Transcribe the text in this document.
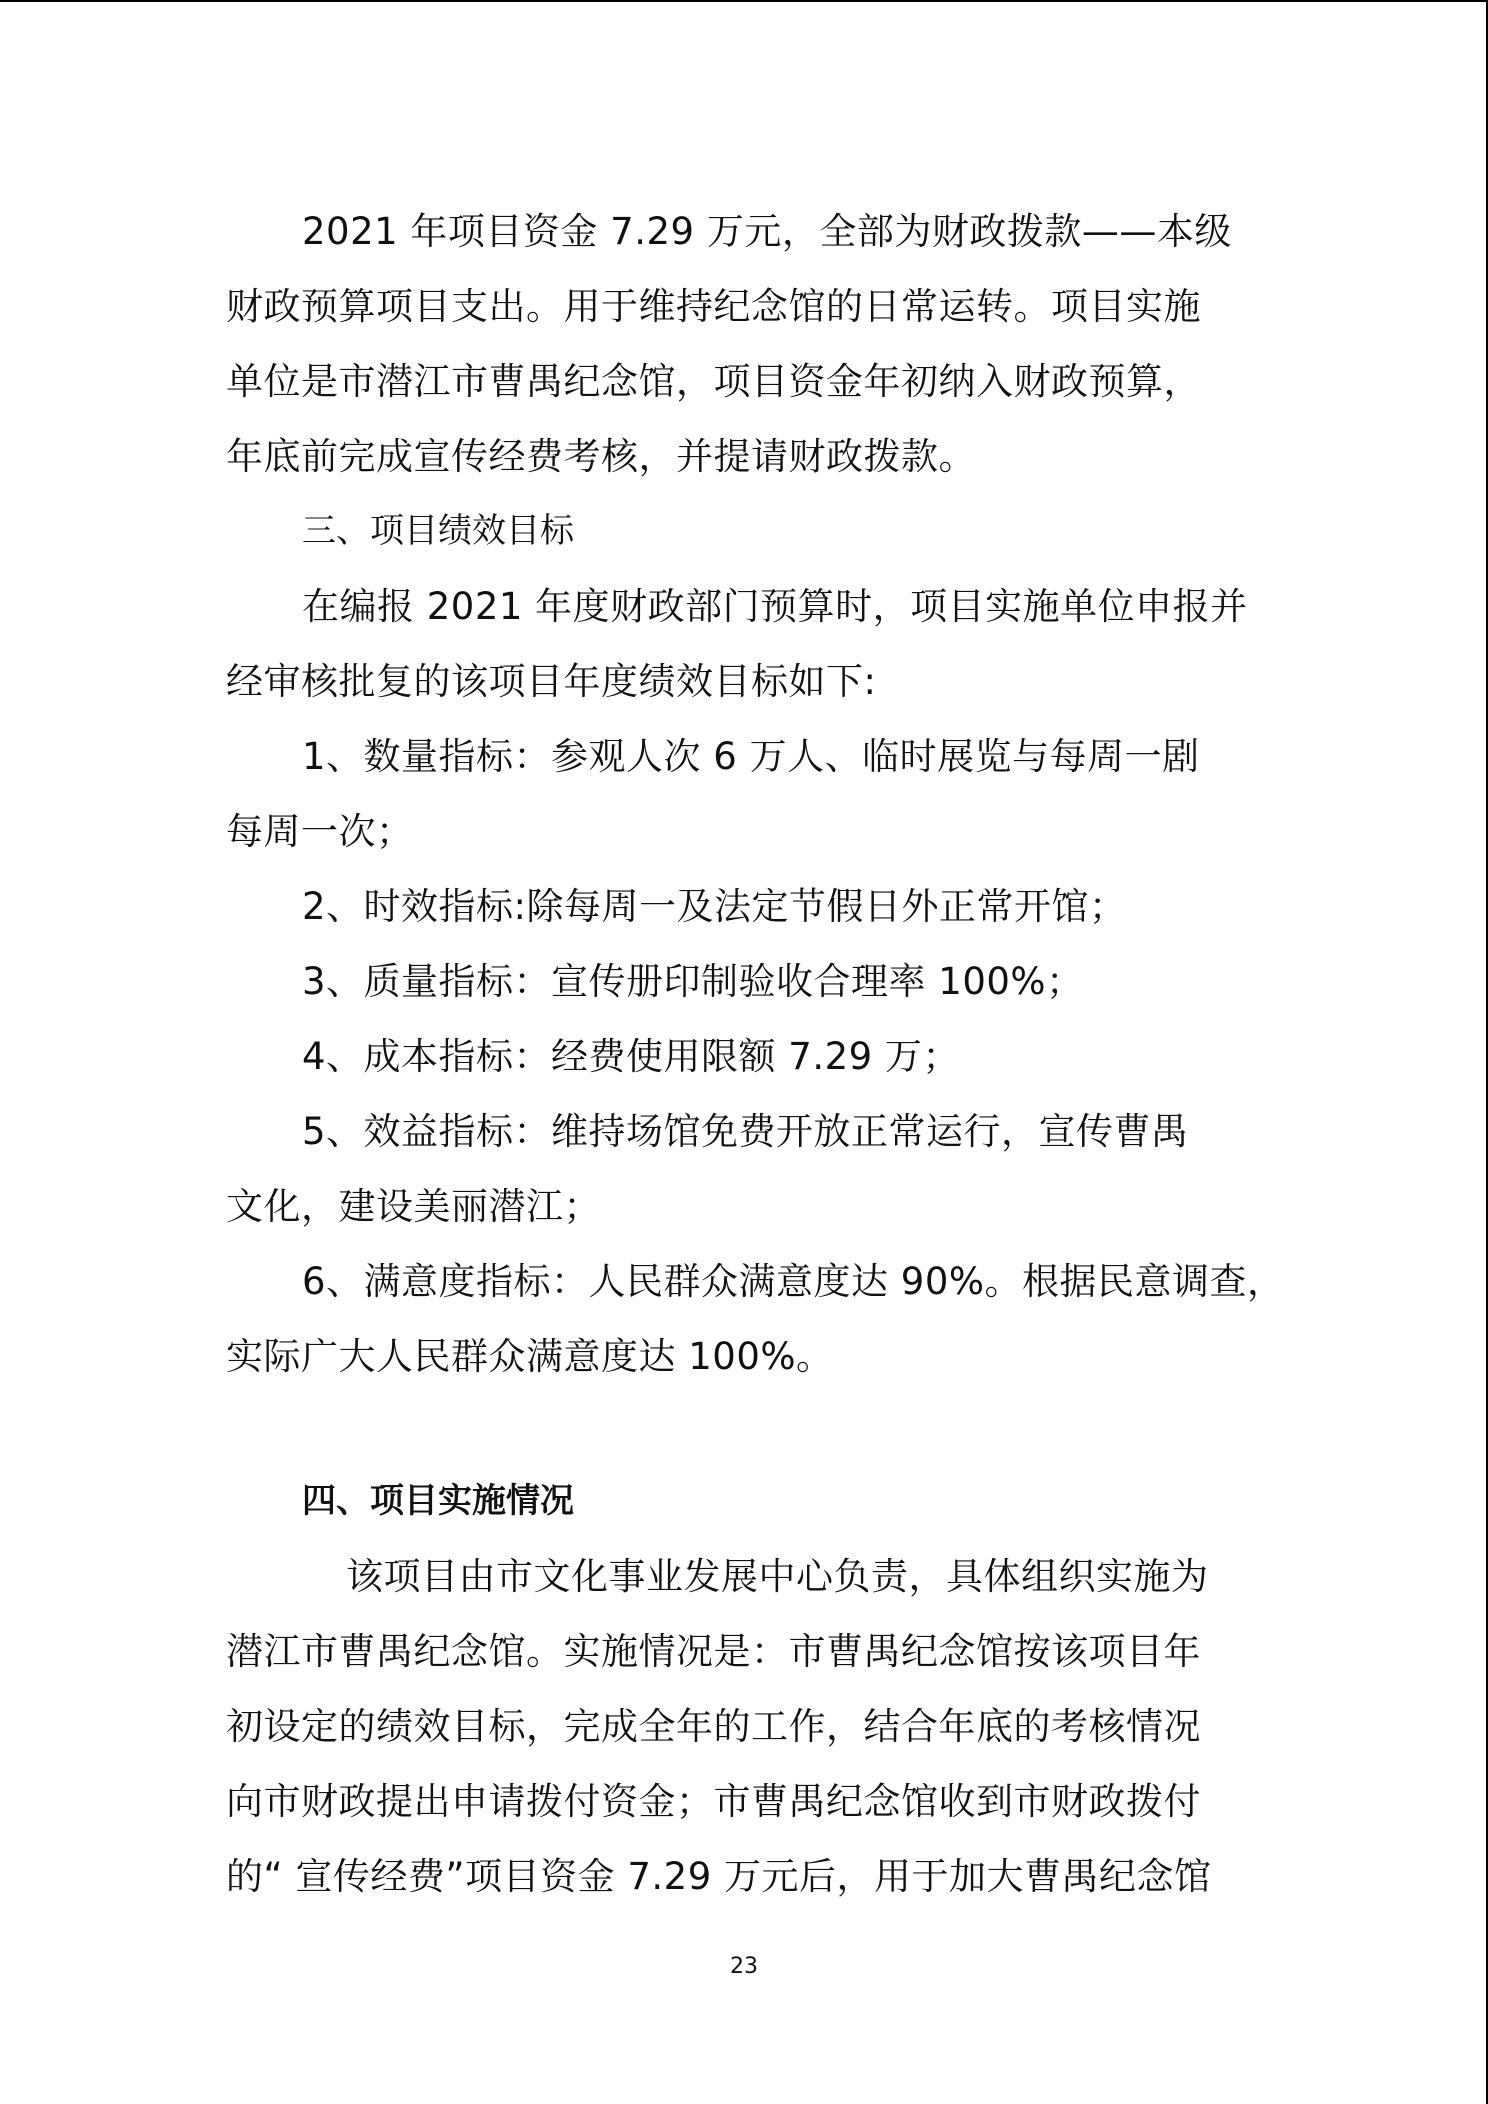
2021 年项目资金 7.29 万元，全部为财政拨款——本级
财政预算项目支出。用于维持纪念馆的日常运转。项目实施
单位是市潜江市曹禺纪念馆，项目资金年初纳入财政预算，
年底前完成宣传经费考核，并提请财政拨款。
三、项目绩效目标
在编报 2021 年度财政部门预算时，项目实施单位申报并
经审核批复的该项目年度绩效目标如下:
1、数量指标：参观人次 6 万人、临时展览与每周一剧
每周一次；
2、时效指标:除每周一及法定节假日外正常开馆；
3、质量指标：宣传册印制验收合理率 100%；
4、成本指标：经费使用限额 7.29 万；
5、效益指标：维持场馆免费开放正常运行，宣传曹禺
文化，建设美丽潜江；
6、满意度指标：人民群众满意度达 90%。根据民意调查，
实际广大人民群众满意度达 100%。
四、项目实施情况
该项目由市文化事业发展中心负责，具体组织实施为
潜江市曹禺纪念馆。实施情况是：市曹禺纪念馆按该项目年
初设定的绩效目标，完成全年的工作，结合年底的考核情况
向市财政提出申请拨付资金；市曹禺纪念馆收到市财政拨付
的“ 宣传经费”项目资金 7.29 万元后，用于加大曹禺纪念馆
23
